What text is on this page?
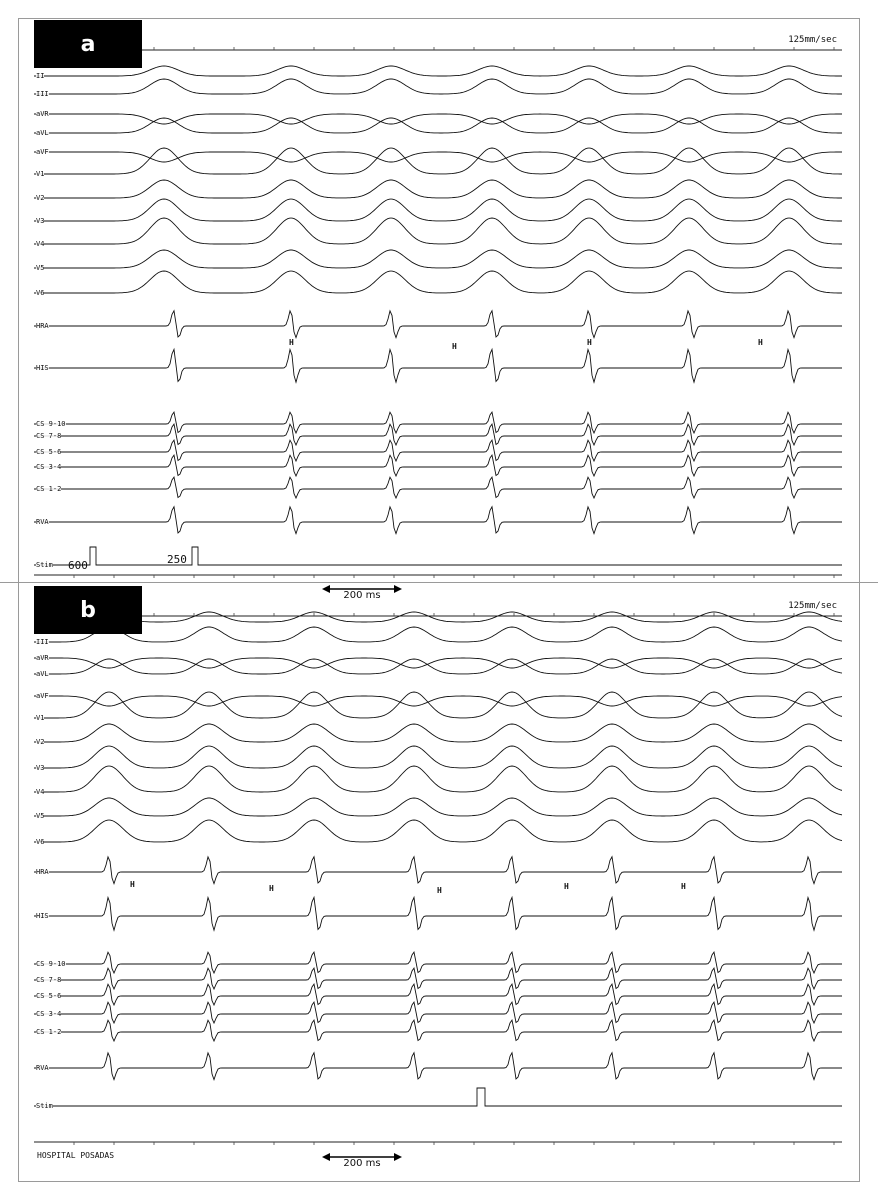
a	125mm/sec
II
III
aVR
aVL
aVF
V1
V2
V3
V4
V5
V6
HRA
HIS
CS 9-10
CS 7-8
CS 5-6
CS 3-4
CS 1-2
RVA
Stim
H	H	H	H
600	250
200 ms
b	125mm/sec
III
aVR
aVL
aVF
V1
V2
V3
V4
V5
V6
HRA
HIS
CS 9-10
CS 7-8
CS 5-6
CS 3-4
CS 1-2
RVA
Stim
H	H	H	H	H
HOSPITAL POSADAS
200 ms
